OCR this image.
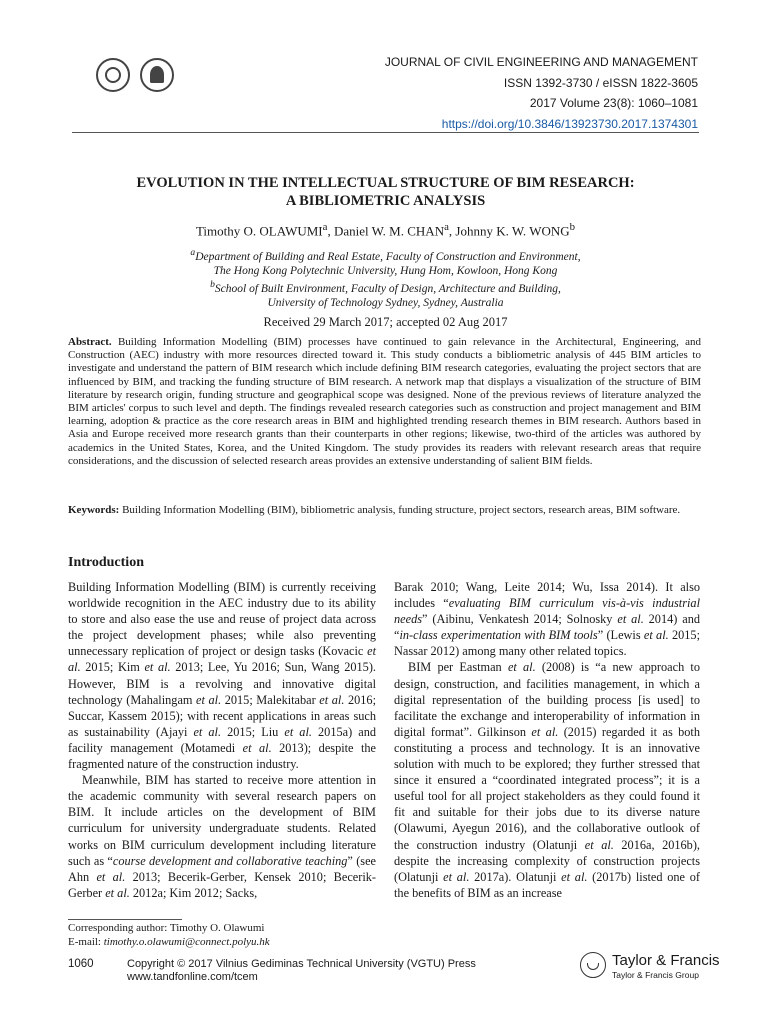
JOURNAL OF CIVIL ENGINEERING AND MANAGEMENT
ISSN 1392-3730 / eISSN 1822-3605
2017 Volume 23(8): 1060–1081
https://doi.org/10.3846/13923730.2017.1374301
EVOLUTION IN THE INTELLECTUAL STRUCTURE OF BIM RESEARCH:
A BIBLIOMETRIC ANALYSIS
Timothy O. OLAWUMI$^a$, Daniel W. M. CHAN$^a$, Johnny K. W. WONG$^b$
$^a$Department of Building and Real Estate, Faculty of Construction and Environment,
The Hong Kong Polytechnic University, Hung Hom, Kowloon, Hong Kong
$^b$School of Built Environment, Faculty of Design, Architecture and Building,
University of Technology Sydney, Sydney, Australia
Received 29 March 2017; accepted 02 Aug 2017
Abstract. Building Information Modelling (BIM) processes have continued to gain relevance in the Architectural, Engineering, and Construction (AEC) industry with more resources directed toward it. This study conducts a bibliometric analysis of 445 BIM articles to investigate and understand the pattern of BIM research which include defining BIM research categories, evaluating the project sectors that are influenced by BIM, and tracking the funding structure of BIM research. A network map that displays a visualization of the structure of BIM literature by research origin, funding structure and geographical scope was designed. None of the previous reviews of literature analyzed the BIM articles' corpus to such level and depth. The findings revealed research categories such as construction and project management and BIM learning, adoption & practice as the core research areas in BIM and highlighted trending research themes in BIM research. Authors based in Asia and Europe received more research grants than their counterparts in other regions; likewise, two-third of the articles was authored by academics in the United States, Korea, and the United Kingdom. The study provides its readers with relevant research areas that require considerations, and the discussion of selected research areas provides an extensive understanding of salient BIM fields.
Keywords: Building Information Modelling (BIM), bibliometric analysis, funding structure, project sectors, research areas, BIM software.
Introduction

Building Information Modelling (BIM) is currently receiving worldwide recognition in the AEC industry due to its ability to store and also ease the use and reuse of project data across the project development phases; while also preventing unnecessary replication of project or design tasks (Kovacic et al. 2015; Kim et al. 2013; Lee, Yu 2016; Sun, Wang 2015). However, BIM is a revolving and innovative digital technology (Mahalingam et al. 2015; Malekitabar et al. 2016; Succar, Kassem 2015); with recent applications in areas such as sustainability (Ajayi et al. 2015; Liu et al. 2015a) and facility management (Motamedi et al. 2013); despite the fragmented nature of the construction industry.

Meanwhile, BIM has started to receive more attention in the academic community with several research papers on BIM. It include articles on the development of BIM curriculum for university undergraduate students. Related works on BIM curriculum development including literature such as “course development and collaborative teaching” (see Ahn et al. 2013; Becerik-Gerber, Kensek 2010; Becerik-Gerber et al. 2012a; Kim 2012; Sacks,

Barak 2010; Wang, Leite 2014; Wu, Issa 2014). It also includes “evaluating BIM curriculum vis-à-vis industrial needs” (Aibinu, Venkatesh 2014; Solnosky et al. 2014) and “in-class experimentation with BIM tools” (Lewis et al. 2015; Nassar 2012) among many other related topics.

BIM per Eastman et al. (2008) is “a new approach to design, construction, and facilities management, in which a digital representation of the building process [is used] to facilitate the exchange and interoperability of information in digital format”. Gilkinson et al. (2015) regarded it as both constituting a process and technology. It is an innovative solution with much to be explored; they further stressed that since it ensured a “coordinated integrated process”; it is a useful tool for all project stakeholders as they could found it fit and suitable for their jobs due to its diverse nature (Olawumi, Ayegun 2016), and the collaborative outlook of the construction industry (Olatunji et al. 2016a, 2016b), despite the increasing complexity of construction projects (Olatunji et al. 2017a). Olatunji et al. (2017b) listed one of the benefits of BIM as an increase

Corresponding author: Timothy O. Olawumi
E-mail: timothy.o.olawumi@connect.polyu.hk
1060	Copyright © 2017 Vilnius Gediminas Technical University (VGTU) Press
www.tandfonline.com/tcem
Taylor & Francis
Taylor & Francis Group
